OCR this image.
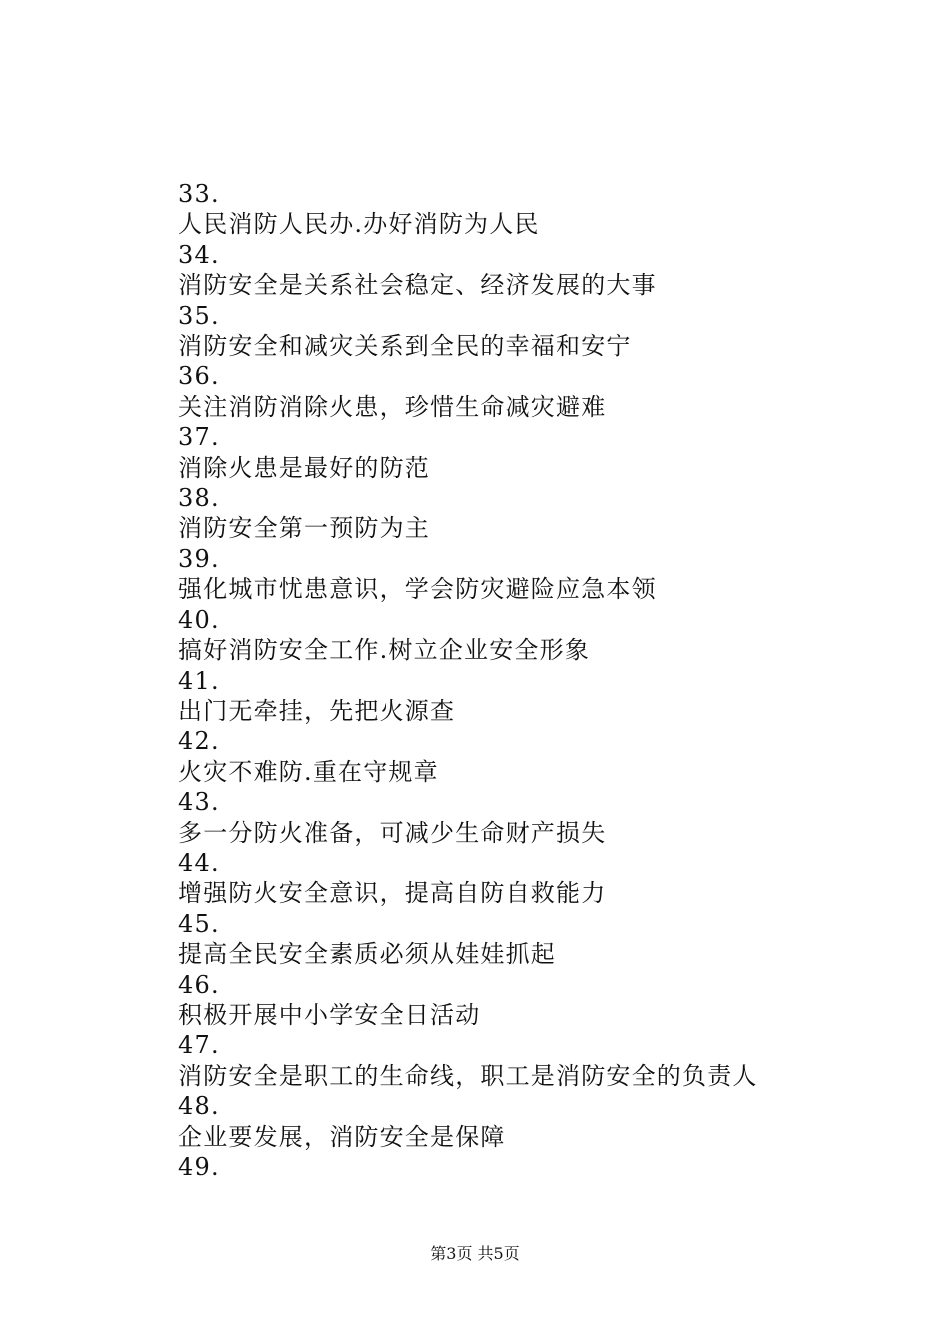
33.
人民消防人民办.办好消防为人民
34.
消防安全是关系社会稳定、经济发展的大事
35.
消防安全和减灾关系到全民的幸福和安宁
36.
关注消防消除火患，珍惜生命减灾避难
37.
消除火患是最好的防范
38.
消防安全第一预防为主
39.
强化城市忧患意识，学会防灾避险应急本领
40.
搞好消防安全工作.树立企业安全形象
41.
出门无牵挂，先把火源查
42.
火灾不难防.重在守规章
43.
多一分防火准备，可减少生命财产损失
44.
增强防火安全意识，提高自防自救能力
45.
提高全民安全素质必须从娃娃抓起
46.
积极开展中小学安全日活动
47.
消防安全是职工的生命线，职工是消防安全的负责人
48.
企业要发展，消防安全是保障
49.
第3页 共5页
